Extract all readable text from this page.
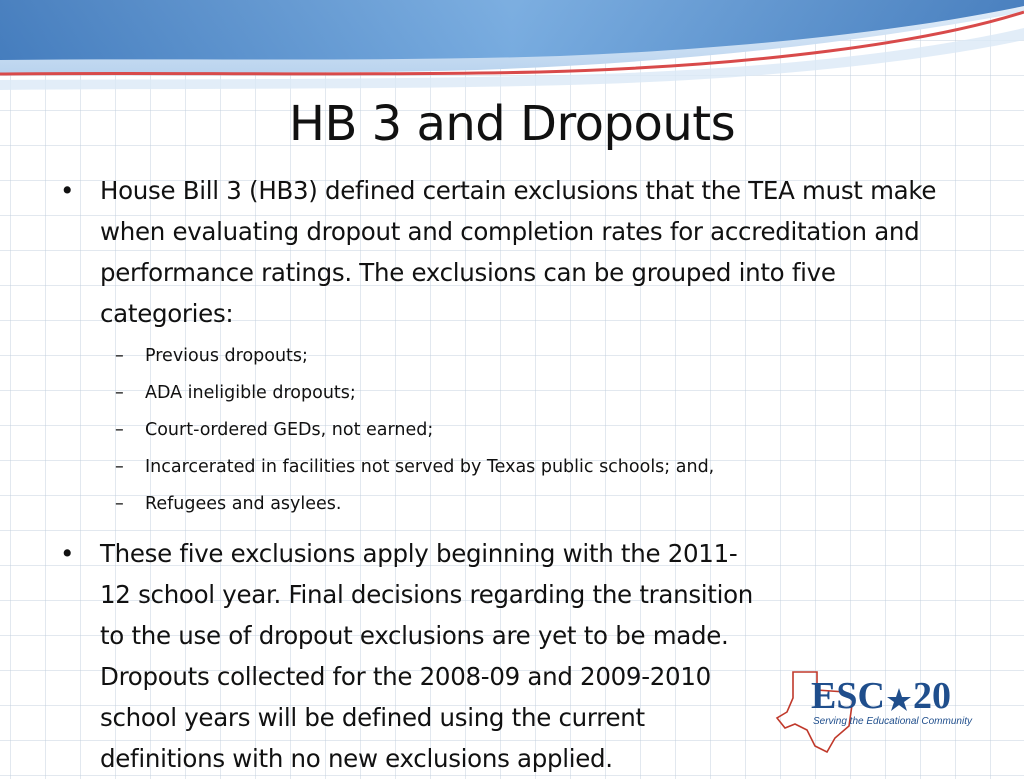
HB 3 and Dropouts
• House Bill 3 (HB3) defined certain exclusions that the TEA must make when evaluating dropout and completion rates for accreditation and performance ratings. The exclusions can be grouped into five categories:
– Previous dropouts;
– ADA ineligible dropouts;
– Court-ordered GEDs, not earned;
– Incarcerated in facilities not served by Texas public schools; and,
– Refugees and asylees.
• These five exclusions apply beginning with the 2011-12 school year. Final decisions regarding the transition to the use of dropout exclusions are yet to be made. Dropouts collected for the 2008-09 and 2009-2010 school years will be defined using the current definitions with no new exclusions applied.
ESC 20
Serving the Educational Community
